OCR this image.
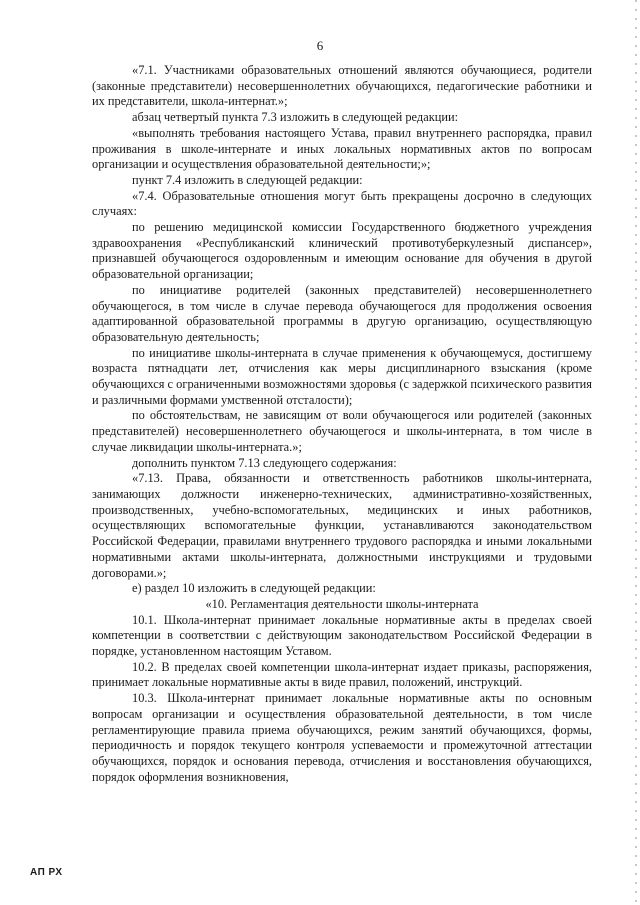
6

«7.1. Участниками образовательных отношений являются обучающиеся, родители (законные представители) несовершеннолетних обучающихся, педагогические работники и их представители, школа-интернат.»;

абзац четвертый пункта 7.3 изложить в следующей редакции:

«выполнять требования настоящего Устава, правил внутреннего распорядка, правил проживания в школе-интернате и иных локальных нормативных актов по вопросам организации и осуществления образовательной деятельности;»;

пункт 7.4 изложить в следующей редакции:

«7.4. Образовательные отношения могут быть прекращены досрочно в следующих случаях:

по решению медицинской комиссии Государственного бюджетного учреждения здравоохранения «Республиканский клинический противотуберкулезный диспансер», признавшей обучающегося оздоровленным и имеющим основание для обучения в другой образовательной организации;

по инициативе родителей (законных представителей) несовершеннолетнего обучающегося, в том числе в случае перевода обучающегося для продолжения освоения адаптированной образовательной программы в другую организацию, осуществляющую образовательную деятельность;

по инициативе школы-интерната в случае применения к обучающемуся, достигшему возраста пятнадцати лет, отчисления как меры дисциплинарного взыскания (кроме обучающихся с ограниченными возможностями здоровья (с задержкой психического развития и различными формами умственной отсталости);

по обстоятельствам, не зависящим от воли обучающегося или родителей (законных представителей) несовершеннолетнего обучающегося и школы-интерната, в том числе в случае ликвидации школы-интерната.»;

дополнить пунктом 7.13 следующего содержания:

«7.13. Права, обязанности и ответственность работников школы-интерната, занимающих должности инженерно-технических, административно-хозяйственных, производственных, учебно-вспомогательных, медицинских и иных работников, осуществляющих вспомогательные функции, устанавливаются законодательством Российской Федерации, правилами внутреннего трудового распорядка и иными локальными нормативными актами школы-интерната, должностными инструкциями и трудовыми договорами.»;

е) раздел 10 изложить в следующей редакции:

«10. Регламентация деятельности школы-интерната

10.1. Школа-интернат принимает локальные нормативные акты в пределах своей компетенции в соответствии с действующим законодательством Российской Федерации в порядке, установленном настоящим Уставом.

10.2. В пределах своей компетенции школа-интернат издает приказы, распоряжения, принимает локальные нормативные акты в виде правил, положений, инструкций.

10.3. Школа-интернат принимает локальные нормативные акты по основным вопросам организации и осуществления образовательной деятельности, в том числе регламентирующие правила приема обучающихся, режим занятий обучающихся, формы, периодичность и порядок текущего контроля успеваемости и промежуточной аттестации обучающихся, порядок и основания перевода, отчисления и восстановления обучающихся, порядок оформления возникновения,

АП РХ
